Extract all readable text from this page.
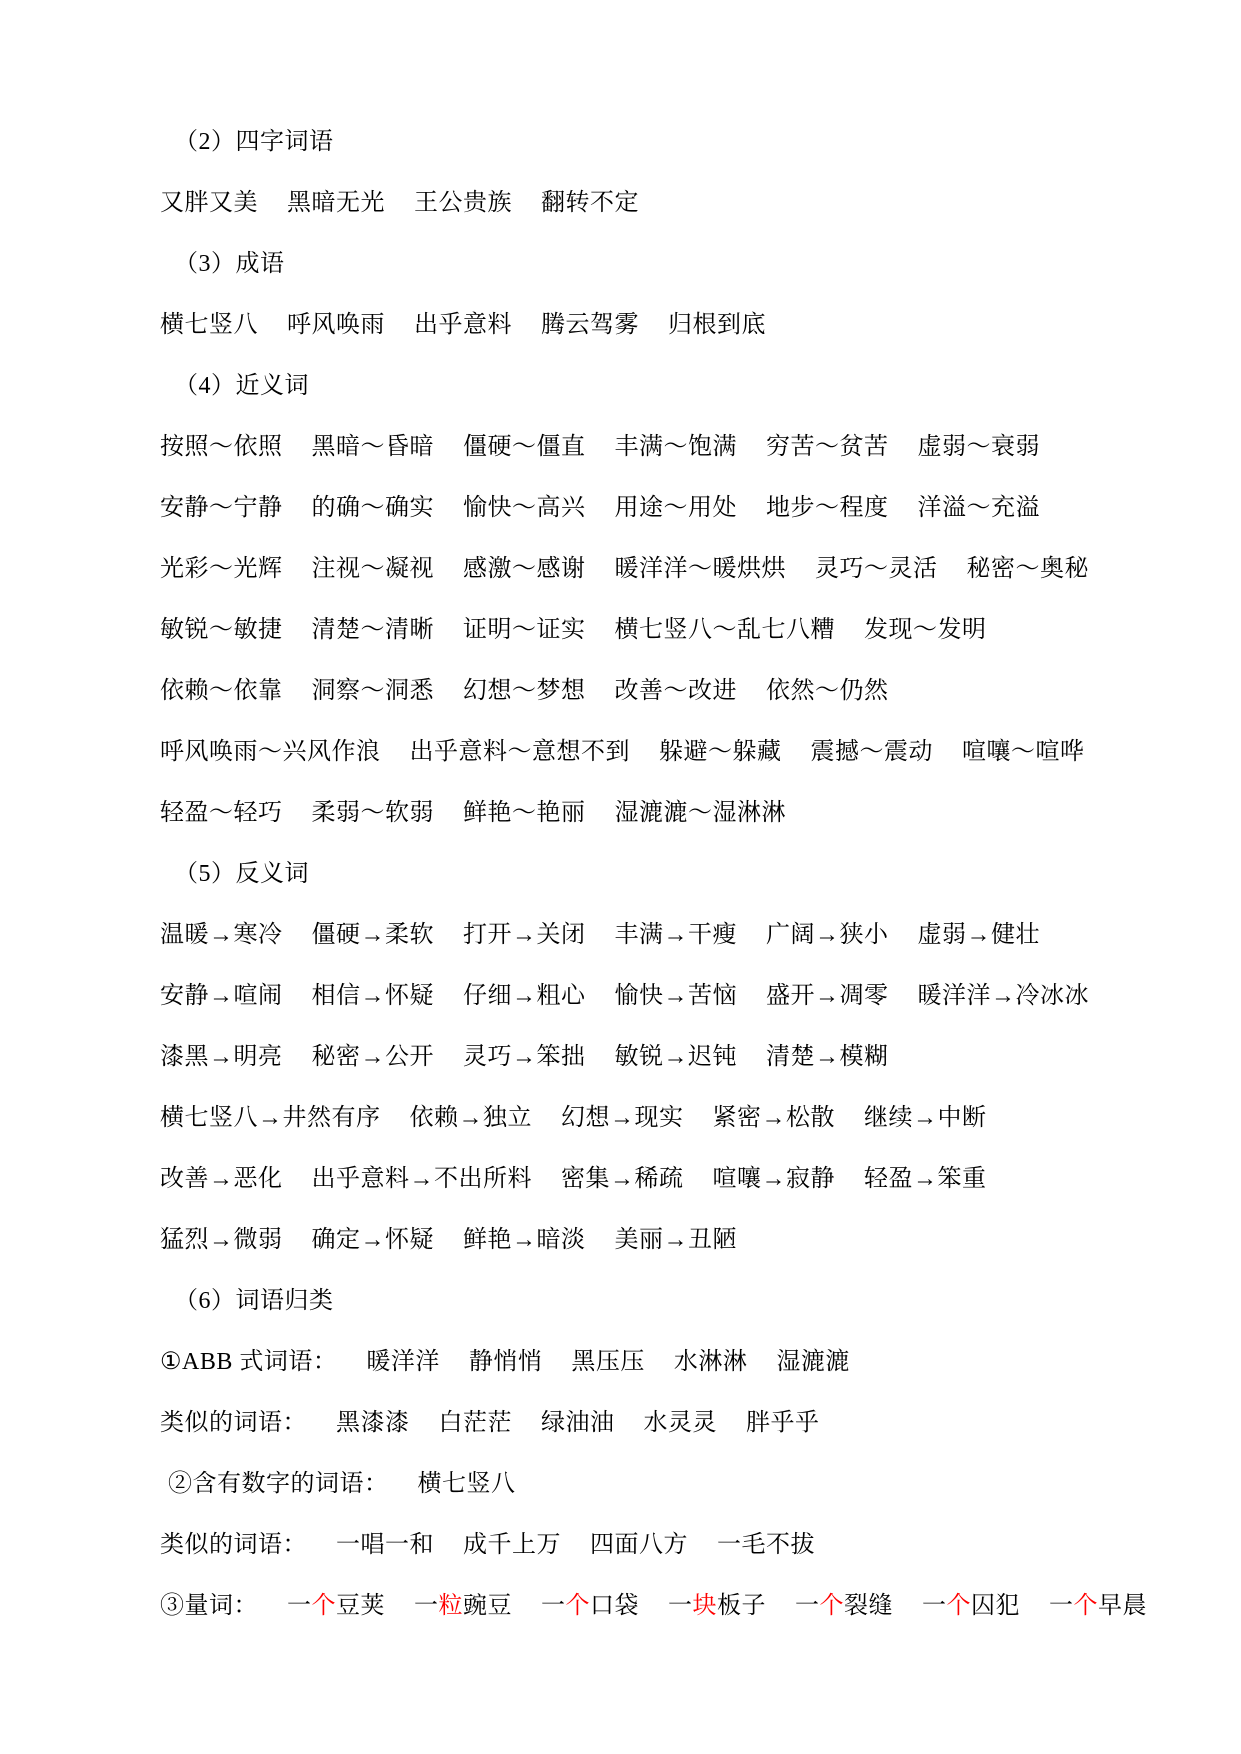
（2）四字词语
又胖又美 黑暗无光 王公贵族 翻转不定
（3）成语
横七竖八 呼风唤雨 出乎意料 腾云驾雾 归根到底
（4）近义词
按照～依照 黑暗～昏暗 僵硬～僵直 丰满～饱满 穷苦～贫苦 虚弱～衰弱
安静～宁静 的确～确实 愉快～高兴 用途～用处 地步～程度 洋溢～充溢
光彩～光辉 注视～凝视 感激～感谢 暖洋洋～暖烘烘 灵巧～灵活 秘密～奥秘
敏锐～敏捷 清楚～清晰 证明～证实 横七竖八～乱七八糟 发现～发明
依赖～依靠 洞察～洞悉 幻想～梦想 改善～改进 依然～仍然
呼风唤雨～兴风作浪 出乎意料～意想不到 躲避～躲藏 震撼～震动 喧嚷～喧哗
轻盈～轻巧 柔弱～软弱 鲜艳～艳丽 湿漉漉～湿淋淋
（5）反义词
温暖→寒冷 僵硬→柔软 打开→关闭 丰满→干瘦 广阔→狭小 虚弱→健壮
安静→喧闹 相信→怀疑 仔细→粗心 愉快→苦恼 盛开→凋零 暖洋洋→冷冰冰
漆黑→明亮 秘密→公开 灵巧→笨拙 敏锐→迟钝 清楚→模糊
横七竖八→井然有序 依赖→独立 幻想→现实 紧密→松散 继续→中断
改善→恶化 出乎意料→不出所料 密集→稀疏 喧嚷→寂静 轻盈→笨重
猛烈→微弱 确定→怀疑 鲜艳→暗淡 美丽→丑陋
（6）词语归类
①ABB 式词语： 暖洋洋 静悄悄 黑压压 水淋淋 湿漉漉
类似的词语： 黑漆漆 白茫茫 绿油油 水灵灵 胖乎乎
②含有数字的词语： 横七竖八
类似的词语： 一唱一和 成千上万 四面八方 一毛不拔
③量词： 一个豆荚 一粒豌豆 一个口袋 一块板子 一个裂缝 一个囚犯 一个早晨
